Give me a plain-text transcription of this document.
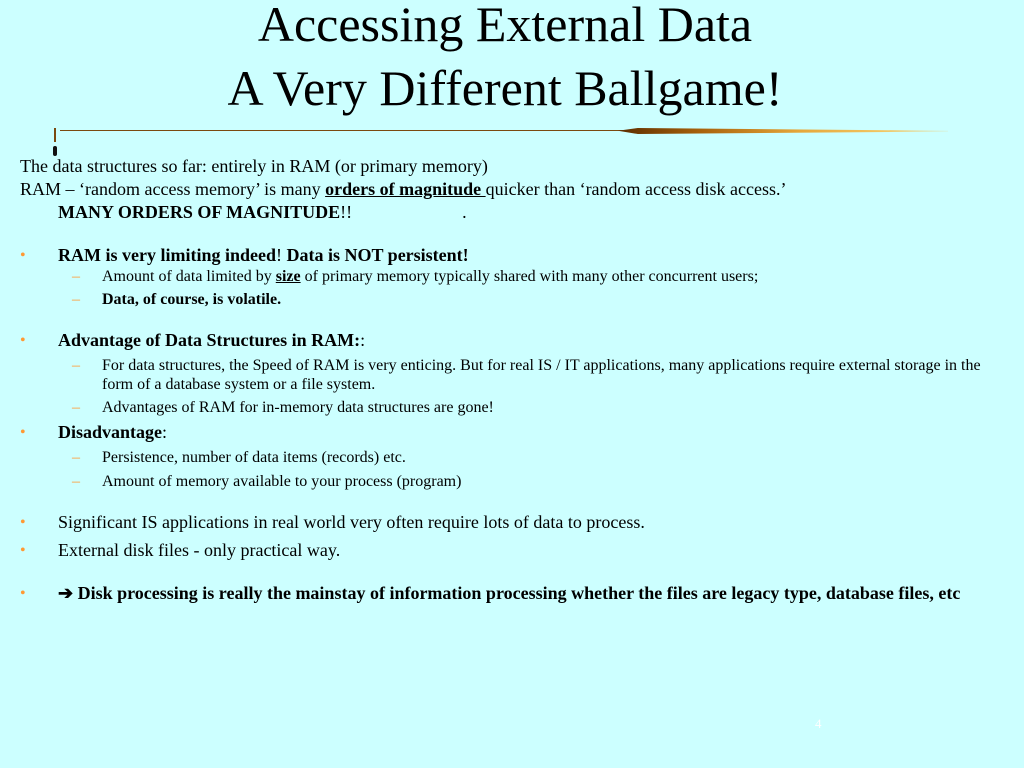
Accessing External Data
A Very Different Ballgame!

The data structures so far: entirely in RAM (or primary memory)

RAM – ‘random access memory’ is many orders of magnitude quicker than ‘random access disk access.’

MANY ORDERS OF MAGNITUDE!!	.

• RAM is very limiting indeed! Data is NOT persistent!
– Amount of data limited by size of primary memory typically shared with many other concurrent users;
– Data, of course, is volatile.
• Advantage of Data Structures in RAM::
– For data structures, the Speed of RAM is very enticing. But for real IS / IT applications, many applications require external storage in the form of a database system or a file system.
– Advantages of RAM for in-memory data structures are gone!
• Disadvantage:
– Persistence, number of data items (records) etc.
– Amount of memory available to your process (program)
• Significant IS applications in real world very often require lots of data to process.
• External disk files - only practical way.
• ➔ Disk processing is really the mainstay of information processing whether the files are legacy type, database files, etc
4
